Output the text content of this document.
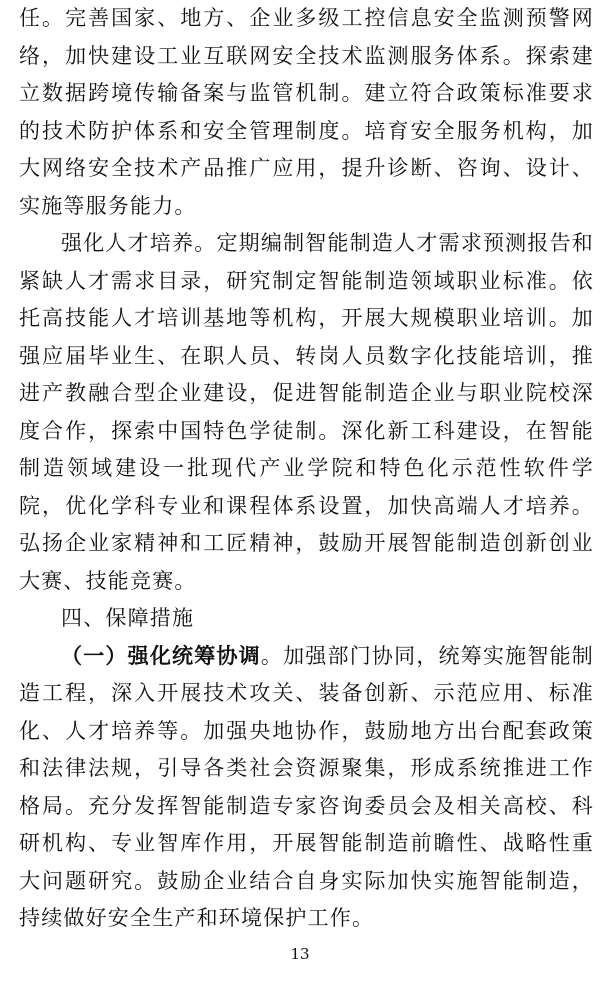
任。完善国家、地方、企业多级工控信息安全监测预警网络，加快建设工业互联网安全技术监测服务体系。探索建立数据跨境传输备案与监管机制。建立符合政策标准要求的技术防护体系和安全管理制度。培育安全服务机构，加大网络安全技术产品推广应用，提升诊断、咨询、设计、实施等服务能力。

强化人才培养。定期编制智能制造人才需求预测报告和紧缺人才需求目录，研究制定智能制造领域职业标准。依托高技能人才培训基地等机构，开展大规模职业培训。加强应届毕业生、在职人员、转岗人员数字化技能培训，推进产教融合型企业建设，促进智能制造企业与职业院校深度合作，探索中国特色学徒制。深化新工科建设，在智能制造领域建设一批现代产业学院和特色化示范性软件学院，优化学科专业和课程体系设置，加快高端人才培养。弘扬企业家精神和工匠精神，鼓励开展智能制造创新创业大赛、技能竞赛。

四、保障措施

（一）强化统筹协调。加强部门协同，统筹实施智能制造工程，深入开展技术攻关、装备创新、示范应用、标准化、人才培养等。加强央地协作，鼓励地方出台配套政策和法律法规，引导各类社会资源聚集，形成系统推进工作格局。充分发挥智能制造专家咨询委员会及相关高校、科研机构、专业智库作用，开展智能制造前瞻性、战略性重大问题研究。鼓励企业结合自身实际加快实施智能制造，持续做好安全生产和环境保护工作。

13
